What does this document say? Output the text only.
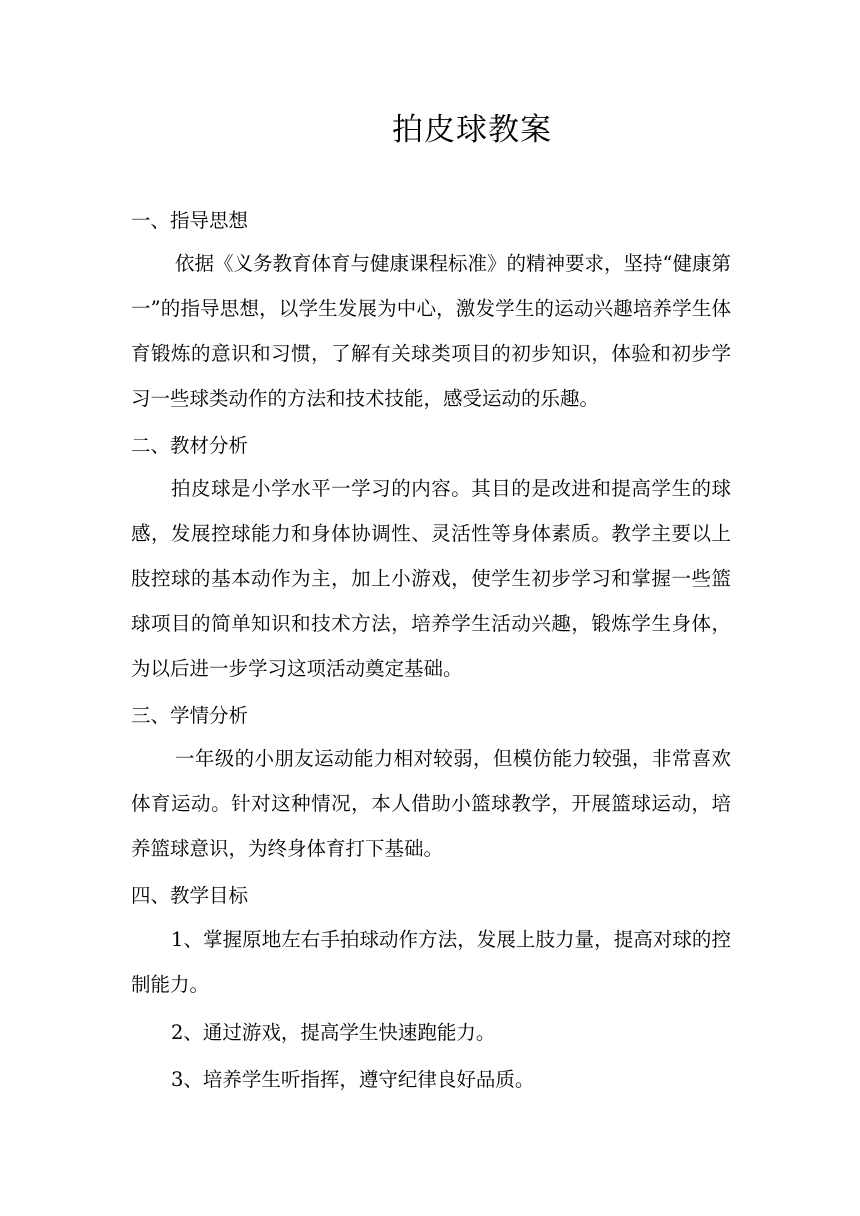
拍皮球教案
一、指导思想
依据《义务教育体育与健康课程标准》的精神要求，坚持“健康第一”的指导思想，以学生发展为中心，激发学生的运动兴趣培养学生体育锻炼的意识和习惯，了解有关球类项目的初步知识，体验和初步学习一些球类动作的方法和技术技能，感受运动的乐趣。
二、教材分析
拍皮球是小学水平一学习的内容。其目的是改进和提高学生的球感，发展控球能力和身体协调性、灵活性等身体素质。教学主要以上肢控球的基本动作为主，加上小游戏，使学生初步学习和掌握一些篮球项目的简单知识和技术方法，培养学生活动兴趣，锻炼学生身体，为以后进一步学习这项活动奠定基础。
三、学情分析
一年级的小朋友运动能力相对较弱，但模仿能力较强，非常喜欢体育运动。针对这种情况，本人借助小篮球教学，开展篮球运动，培养篮球意识，为终身体育打下基础。
四、教学目标
1、掌握原地左右手拍球动作方法，发展上肢力量，提高对球的控制能力。
2、通过游戏，提高学生快速跑能力。
3、培养学生听指挥，遵守纪律良好品质。
